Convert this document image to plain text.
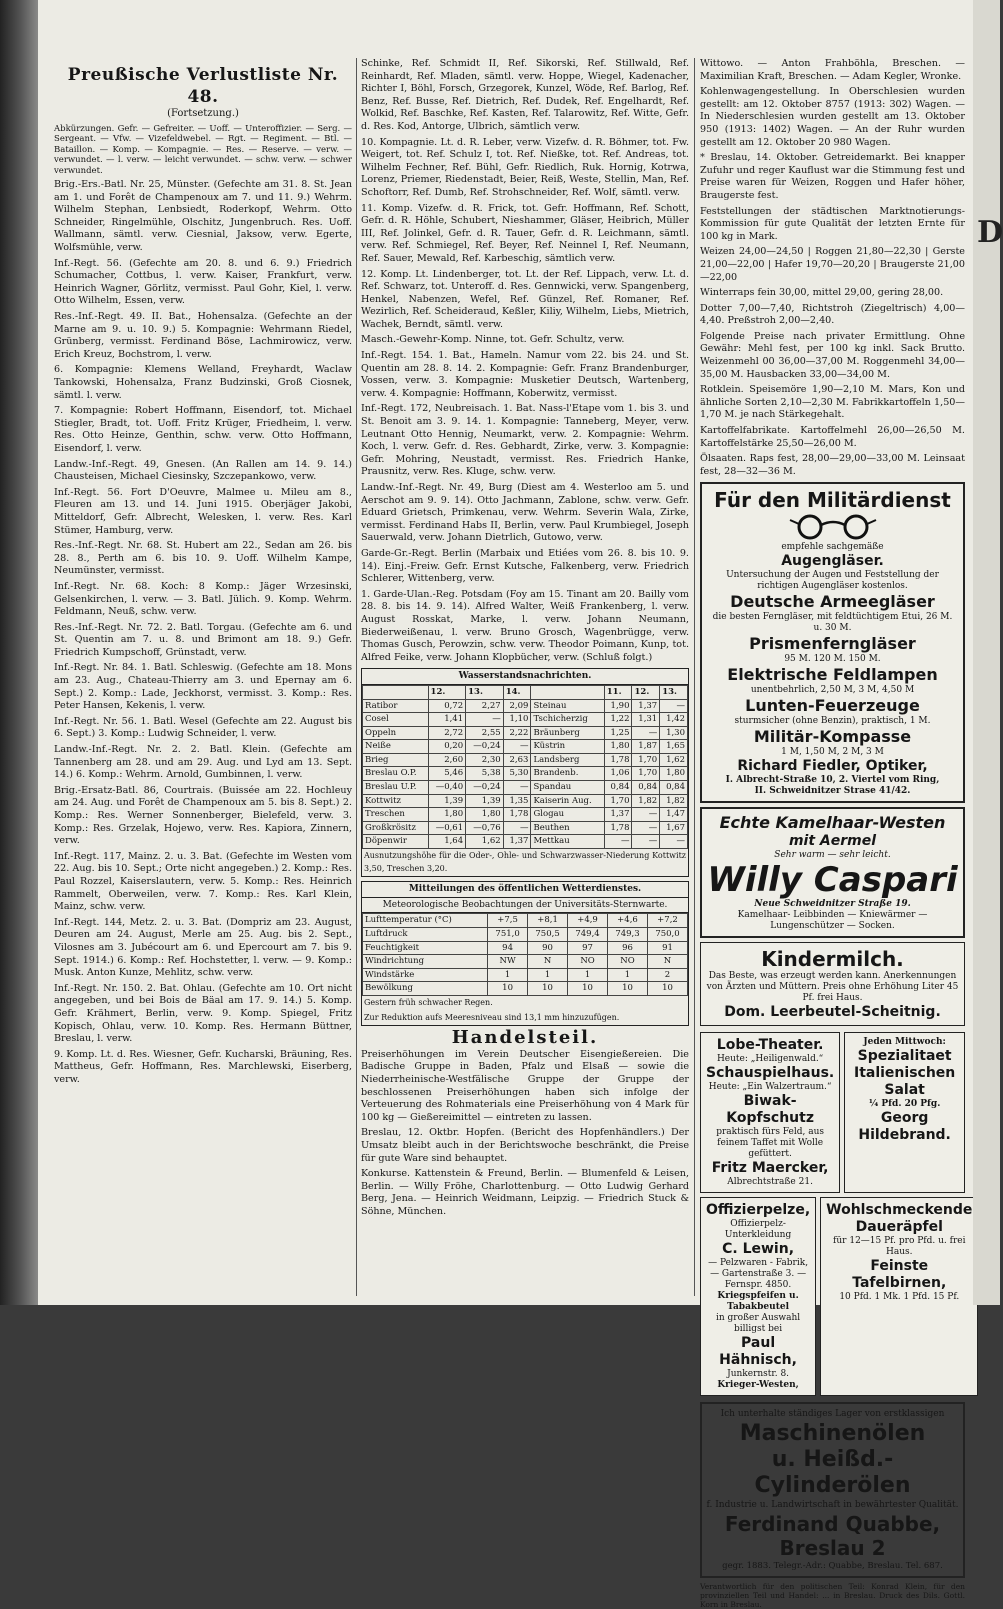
Preußische Verlustliste Nr. 48.
(Fortsetzung.)

Abkürzungen. Gefr. — Gefreiter. — Uoff. — Unteroffizier. — Serg. — Sergeant. — Vfw. — Vizefeldwebel. — Rgt. — Regiment. — Btl. — Bataillon. — Komp. — Kompagnie. — Res. — Reserve. — verw. — verwundet. — l. verw. — leicht verwundet. — schw. verw. — schwer verwundet.

Brig.-Ers.-Batl. Nr. 25, Münster. (Gefechte am 31. 8. St. Jean am 1. und Forêt de Champenoux am 7. und 11. 9.) Wehrm. Wilhelm Stephan, Lenbsiedt, Roderkopf, Wehrm. Otto Schneider, Ringelmühle, Olschitz, Jungenbruch. Res. Uoff. Wallmann, sämtl. verw. Ciesnial, Jaksow, verw. Egerte, Wolfsmühle, verw.

Inf.-Regt. 56. (Gefechte am 20. 8. und 6. 9.) Friedrich Schumacher, Cottbus, l. verw. Kaiser, Frankfurt, verw. Heinrich Wagner, Görlitz, vermisst. Paul Gohr, Kiel, l. verw. Otto Wilhelm, Essen, verw.

Res.-Inf.-Regt. 49. II. Bat., Hohensalza. (Gefechte an der Marne am 9. u. 10. 9.) 5. Kompagnie: Wehrmann Riedel, Grünberg, vermisst. Ferdinand Böse, Lachmirowicz, verw. Erich Kreuz, Bochstrom, l. verw.

6. Kompagnie: Klemens Welland, Freyhardt, Waclaw Tankowski, Hohensalza, Franz Budzinski, Groß Ciosnek, sämtl. l. verw.

7. Kompagnie: Robert Hoffmann, Eisendorf, tot. Michael Stiegler, Bradt, tot. Uoff. Fritz Krüger, Friedheim, l. verw. Res. Otto Heinze, Genthin, schw. verw. Otto Hoffmann, Eisendorf, l. verw.

Landw.-Inf.-Regt. 49, Gnesen. (An Rallen am 14. 9. 14.) Chausteisen, Michael Ciesinsky, Szczepankowo, verw.

Inf.-Regt. 56. Fort D'Oeuvre, Malmee u. Mileu am 8., Fleuren am 13. und 14. Juni 1915. Oberjäger Jakobi, Mitteldorf, Gefr. Albrecht, Welesken, l. verw. Res. Karl Stümer, Hamburg, verw.

Res.-Inf.-Regt. Nr. 68. St. Hubert am 22., Sedan am 26. bis 28. 8., Perth am 6. bis 10. 9. Uoff. Wilhelm Kampe, Neumünster, vermisst.

Inf.-Regt. Nr. 68. Koch: 8 Komp.: Jäger Wrzesinski, Gelsenkirchen, l. verw. — 3. Batl. Jülich. 9. Komp. Wehrm. Feldmann, Neuß, schw. verw.

Res.-Inf.-Regt. Nr. 72. 2. Batl. Torgau. (Gefechte am 6. und St. Quentin am 7. u. 8. und Brimont am 18. 9.) Gefr. Friedrich Kumpschoff, Grünstadt, verw.

Inf.-Regt. Nr. 84. 1. Batl. Schleswig. (Gefechte am 18. Mons am 23. Aug., Chateau-Thierry am 3. und Epernay am 6. Sept.) 2. Komp.: Lade, Jeckhorst, vermisst. 3. Komp.: Res. Peter Hansen, Kekenis, l. verw.

Inf.-Regt. Nr. 56. 1. Batl. Wesel (Gefechte am 22. August bis 6. Sept.) 3. Komp.: Ludwig Schneider, l. verw.

Landw.-Inf.-Regt. Nr. 2. 2. Batl. Klein. (Gefechte am Tannenberg am 28. und am 29. Aug. und Lyd am 13. Sept. 14.) 6. Komp.: Wehrm. Arnold, Gumbinnen, l. verw.

Brig.-Ersatz-Batl. 86, Courtrais. (Buissée am 22. Hochleuy am 24. Aug. und Forêt de Champenoux am 5. bis 8. Sept.) 2. Komp.: Res. Werner Sonnenberger, Bielefeld, verw. 3. Komp.: Res. Grzelak, Hojewo, verw. Res. Kapiora, Zinnern, verw.

Inf.-Regt. 117, Mainz. 2. u. 3. Bat. (Gefechte im Westen vom 22. Aug. bis 10. Sept.; Orte nicht angegeben.) 2. Komp.: Res. Paul Rozzel, Kaiserslautern, verw. 5. Komp.: Res. Heinrich Rammelt, Oberweilen, verw. 7. Komp.: Res. Karl Klein, Mainz, schw. verw.

Inf.-Regt. 144, Metz. 2. u. 3. Bat. (Dompriz am 23. August, Deuren am 24. August, Merle am 25. Aug. bis 2. Sept., Vilosnes am 3. Jubécourt am 6. und Epercourt am 7. bis 9. Sept. 1914.) 6. Komp.: Ref. Hochstetter, l. verw. — 9. Komp.: Musk. Anton Kunze, Mehlitz, schw. verw.

Inf.-Regt. Nr. 150. 2. Bat. Ohlau. (Gefechte am 10. Ort nicht angegeben, und bei Bois de Bäal am 17. 9. 14.) 5. Komp. Gefr. Krähmert, Berlin, verw. 9. Komp. Spiegel, Fritz Kopisch, Ohlau, verw. 10. Komp. Res. Hermann Büttner, Breslau, l. verw.

9. Komp. Lt. d. Res. Wiesner, Gefr. Kucharski, Bräuning, Res. Mattheus, Gefr. Hoffmann, Res. Marchlewski, Eiserberg, verw.

Schinke, Ref. Schmidt II, Ref. Sikorski, Ref. Stillwald, Ref. Reinhardt, Ref. Mladen, sämtl. verw. Hoppe, Wiegel, Kadenacher, Richter I, Böhl, Forsch, Grzegorek, Kunzel, Wöde, Ref. Barlog, Ref. Benz, Ref. Busse, Ref. Dietrich, Ref. Dudek, Ref. Engelhardt, Ref. Wolkid, Ref. Baschke, Ref. Kasten, Ref. Talarowitz, Ref. Witte, Gefr. d. Res. Kod, Antorge, Ulbrich, sämtlich verw.

10. Kompagnie. Lt. d. R. Leber, verw. Vizefw. d. R. Böhmer, tot. Fw. Weigert, tot. Ref. Schulz I, tot. Ref. Nießke, tot. Ref. Andreas, tot. Wilhelm Fechner, Ref. Bühl, Gefr. Riedlich, Ruk. Hornig, Kotrwa, Lorenz, Priemer, Riedenstadt, Beier, Reiß, Weste, Stellin, Man, Ref. Schoftorr, Ref. Dumb, Ref. Strohschneider, Ref. Wolf, sämtl. verw.

11. Komp. Vizefw. d. R. Frick, tot. Gefr. Hoffmann, Ref. Schott, Gefr. d. R. Höhle, Schubert, Nieshammer, Gläser, Heibrich, Müller III, Ref. Jolinkel, Gefr. d. R. Tauer, Gefr. d. R. Leichmann, sämtl. verw. Ref. Schmiegel, Ref. Beyer, Ref. Neinnel I, Ref. Neumann, Ref. Sauer, Mewald, Ref. Karbeschig, sämtlich verw.

12. Komp. Lt. Lindenberger, tot. Lt. der Ref. Lippach, verw. Lt. d. Ref. Schwarz, tot. Unteroff. d. Res. Gennwicki, verw. Spangenberg, Henkel, Nabenzen, Wefel, Ref. Günzel, Ref. Romaner, Ref. Wezirlich, Ref. Scheideraud, Keßler, Kiliy, Wilhelm, Liebs, Mietrich, Wachek, Berndt, sämtl. verw.

Masch.-Gewehr-Komp. Ninne, tot. Gefr. Schultz, verw.

Inf.-Regt. 154. 1. Bat., Hameln. Namur vom 22. bis 24. und St. Quentin am 28. 8. 14. 2. Kompagnie: Gefr. Franz Brandenburger, Vossen, verw. 3. Kompagnie: Musketier Deutsch, Wartenberg, verw. 4. Kompagnie: Hoffmann, Koberwitz, vermisst.

Inf.-Regt. 172, Neubreisach. 1. Bat. Nass-l'Etape vom 1. bis 3. und St. Benoit am 3. 9. 14. 1. Kompagnie: Tanneberg, Meyer, verw. Leutnant Otto Hennig, Neumarkt, verw. 2. Kompagnie: Wehrm. Koch, l. verw. Gefr. d. Res. Gebhardt, Zirke, verw. 3. Kompagnie: Gefr. Mohring, Neustadt, vermisst. Res. Friedrich Hanke, Prausnitz, verw. Res. Kluge, schw. verw.

Landw.-Inf.-Regt. Nr. 49, Burg (Diest am 4. Westerloo am 5. und Aerschot am 9. 9. 14). Otto Jachmann, Zablone, schw. verw. Gefr. Eduard Grietsch, Primkenau, verw. Wehrm. Severin Wala, Zirke, vermisst. Ferdinand Habs II, Berlin, verw. Paul Krumbiegel, Joseph Sauerwald, verw. Johann Dietrlich, Gutowo, verw.

Garde-Gr.-Regt. Berlin (Marbaix und Etiées vom 26. 8. bis 10. 9. 14). Einj.-Freiw. Gefr. Ernst Kutsche, Falkenberg, verw. Friedrich Schlerer, Wittenberg, verw.

1. Garde-Ulan.-Reg. Potsdam (Foy am 15. Tinant am 20. Bailly vom 28. 8. bis 14. 9. 14). Alfred Walter, Weiß Frankenberg, l. verw. August Rosskat, Marke, l. verw. Johann Neumann, Biederweißenau, l. verw. Bruno Grosch, Wagenbrügge, verw. Thomas Gusch, Perowzin, schw. verw. Theodor Poimann, Kunp, tot. Alfred Feike, verw. Johann Klopbücher, verw. (Schluß folgt.)

Wasserstandsnachrichten.
	12.	13.	14.		11.	12.	13.
Ratibor	0,72	2,27	2,09	Steinau	1,90	1,37	—
Cosel	1,41	—	1,10	Tschicherzig	1,22	1,31	1,42
Oppeln	2,72	2,55	2,22	Bräunberg	1,25	—	1,30
Neiße	0,20	—0,24	—	Küstrin	1,80	1,87	1,65
Brieg	2,60	2,30	2,63	Landsberg	1,78	1,70	1,62
Breslau O.P.	5,46	5,38	5,30	Brandenb.	1,06	1,70	1,80
Breslau U.P.	—0,40	—0,24	—	Spandau	0,84	0,84	0,84
Kottwitz	1,39	1,39	1,35	Kaiserin Aug.	1,70	1,82	1,82
Treschen	1,80	1,80	1,78	Glogau	1,37	—	1,47
Großkrösitz	—0,61	—0,76	—	Beuthen	1,78	—	1,67
Döpenwir	1,64	1,62	1,37	Mettkau	—	—	—
Ausnutzungshöhe für die Oder-, Ohle- und Schwarzwasser-Niederung Kottwitz 3,50, Treschen 3,20.
Mitteilungen des öffentlichen Wetterdienstes.
Meteorologische Beobachtungen der Universitäts-Sternwarte.
Lufttemperatur (°C)	+7,5	+8,1	+4,9	+4,6	+7,2
Luftdruck	751,0	750,5	749,4	749,3	750,0
Feuchtigkeit	94	90	97	96	91
Windrichtung	NW	N	NO	NO	N
Windstärke	1	1	1	1	2
Bewölkung	10	10	10	10	10
Gestern früh schwacher Regen.
Zur Reduktion aufs Meeresniveau sind 13,1 mm hinzuzufügen.
Handelsteil.

Preiserhöhungen im Verein Deutscher Eisengießereien. Die Badische Gruppe in Baden, Pfalz und Elsaß — sowie die Niederrheinische-Westfälische Gruppe der Gruppe der beschlossenen Preiserhöhungen haben sich infolge der Verteuerung des Rohmaterials eine Preiserhöhung von 4 Mark für 100 kg — Gießereimittel — eintreten zu lassen.

Breslau, 12. Oktbr. Hopfen. (Bericht des Hopfenhändlers.) Der Umsatz bleibt auch in der Berichtswoche beschränkt, die Preise für gute Ware sind behauptet.

Konkurse. Kattenstein & Freund, Berlin. — Blumenfeld & Leisen, Berlin. — Willy Fröhe, Charlottenburg. — Otto Ludwig Gerhard Berg, Jena. — Heinrich Weidmann, Leipzig. — Friedrich Stuck & Söhne, München.

Wittowo. — Anton Frahböhla, Breschen. — Maximilian Kraft, Breschen. — Adam Kegler, Wronke.

Kohlenwagengestellung. In Oberschlesien wurden gestellt: am 12. Oktober 8757 (1913: 302) Wagen. — In Niederschlesien wurden gestellt am 13. Oktober 950 (1913: 1402) Wagen. — An der Ruhr wurden gestellt am 12. Oktober 20 980 Wagen.

* Breslau, 14. Oktober. Getreidemarkt. Bei knapper Zufuhr und reger Kauflust war die Stimmung fest und Preise waren für Weizen, Roggen und Hafer höher, Braugerste fest.

Feststellungen der städtischen Marktnotierungs-Kommission für gute Qualität der letzten Ernte für 100 kg in Mark.

Weizen 24,00—24,50 | Roggen 21,80—22,30 | Gerste 21,00—22,00 | Hafer 19,70—20,20 | Braugerste 21,00—22,00

Winterraps fein 30,00, mittel 29,00, gering 28,00.

Dotter 7,00—7,40, Richtstroh (Ziegeltrisch) 4,00—4,40. Preßstroh 2,00—2,40.

Folgende Preise nach privater Ermittlung. Ohne Gewähr: Mehl fest, per 100 kg inkl. Sack Brutto. Weizenmehl 00 36,00—37,00 M. Roggenmehl 34,00—35,00 M. Hausbacken 33,00—34,00 M.

Rotklein. Speisemöre 1,90—2,10 M. Mars, Kon und ähnliche Sorten 2,10—2,30 M. Fabrikkartoffeln 1,50—1,70 M. je nach Stärkegehalt.

Kartoffelfabrikate. Kartoffelmehl 26,00—26,50 M. Kartoffelstärke 25,50—26,00 M.

Ölsaaten. Raps fest, 28,00—29,00—33,00 M. Leinsaat fest, 28—32—36 M.

Für den Militärdienst
empfehle sachgemäße
Augengläser.
Untersuchung der Augen und Feststellung der richtigen Augengläser kostenlos.
Deutsche Armeegläser
die besten Ferngläser, mit feldtüchtigem Etui, 26 M. u. 30 M.
Prismenferngläser
95 M. 120 M. 150 M.
Elektrische Feldlampen
unentbehrlich, 2,50 M, 3 M, 4,50 M
Lunten-Feuerzeuge
sturmsicher (ohne Benzin), praktisch, 1 M.
Militär-Kompasse
1 M, 1,50 M, 2 M, 3 M
Richard Fiedler, Optiker,
I. Albrecht-Straße 10, 2. Viertel vom Ring,
II. Schweidnitzer Strase 41/42.
Echte Kamelhaar-Westen
mit Aermel
Sehr warm — sehr leicht.
Willy Caspari
Neue Schweidnitzer Straße 19.
Kamelhaar- Leibbinden — Kniewärmer — Lungenschützer — Socken.
Kindermilch.
Das Beste, was erzeugt werden kann. Anerkennungen von Ärzten und Müttern. Preis ohne Erhöhung Liter 45 Pf. frei Haus.
Dom. Leerbeutel-Scheitnig.
Lobe-Theater.
Heute: „Heiligenwald.“
Schauspielhaus.
Heute: „Ein Walzertraum.“
Biwak-Kopfschutz
praktisch fürs Feld, aus feinem Taffet mit Wolle gefüttert.
Fritz Maercker,
Albrechtstraße 21.
Jeden Mittwoch:
Spezialitaet
Italienischen Salat
¼ Pfd. 20 Pfg.
Georg Hildebrand.
Offizierpelze,
Offizierpelz-Unterkleidung
C. Lewin,
— Pelzwaren - Fabrik, — Gartenstraße 3. — Fernspr. 4850.
Kriegspfeifen u. Tabakbeutel
in großer Auswahl billigst bei
Paul Hähnisch,
Junkernstr. 8.
Krieger-Westen,
Wohlschmeckende Daueräpfel
für 12—15 Pf. pro Pfd. u. frei Haus.
Feinste Tafelbirnen,
10 Pfd. 1 Mk. 1 Pfd. 15 Pf.
Ich unterhalte ständiges Lager von erstklassigen
Maschinenölen
u. Heißd.-Cylinderölen
f. Industrie u. Landwirtschaft in bewährtester Qualität.
Ferdinand Quabbe, Breslau 2
gegr. 1883. Telegr.-Adr.: Quabbe, Breslau. Tel. 687.
Verantwortlich für den politischen Teil: Konrad Klein, für den provinziellen Teil und Handel: ... in Breslau. Druck des Dils. Gottl. Korn in Breslau.
D
